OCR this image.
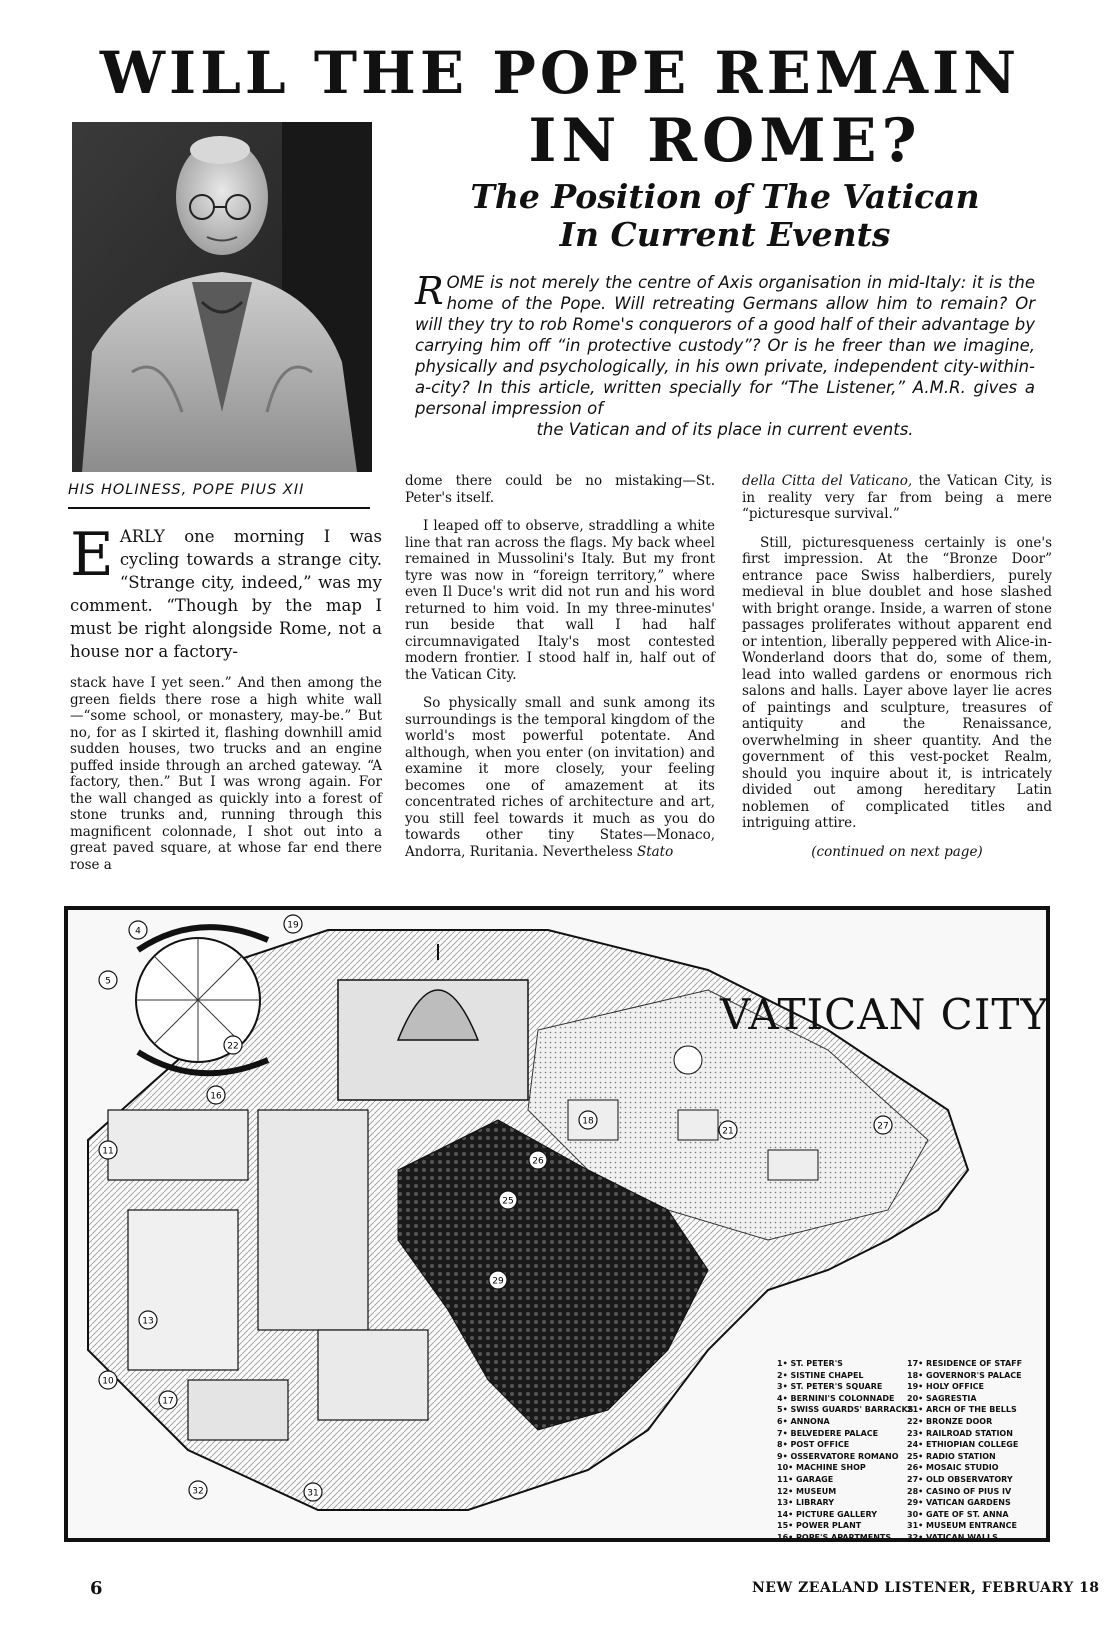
WILL THE POPE REMAIN
IN ROME?
The Position of The Vatican
In Current Events
ROME is not merely the centre of Axis organisation in mid-Italy: it is the home of the Pope. Will retreating Germans allow him to remain? Or will they try to rob Rome's conquerors of a good half of their advantage by carrying him off “in protective custody”? Or is he freer than we imagine, physically and psychologically, in his own private, independent city-within-a-city? In this article, written specially for “The Listener,” A.M.R. gives a personal impression of
the Vatican and of its place in current events.
HIS HOLINESS, POPE PIUS XII

EARLY one morning I was cycling towards a strange city. “Strange city, indeed,” was my comment. “Though by the map I must be right alongside Rome, not a house nor a factory-

stack have I yet seen.” And then among the green fields there rose a high white wall—“some school, or monastery, may-be.” But no, for as I skirted it, flashing downhill amid sudden houses, two trucks and an engine puffed inside through an arched gateway. “A factory, then.” But I was wrong again. For the wall changed as quickly into a forest of stone trunks and, running through this magnificent colonnade, I shot out into a great paved square, at whose far end there rose a

dome there could be no mistaking—St. Peter's itself.

I leaped off to observe, straddling a white line that ran across the flags. My back wheel remained in Mussolini's Italy. But my front tyre was now in “foreign territory,” where even Il Duce's writ did not run and his word returned to him void. In my three-minutes' run beside that wall I had half circumnavigated Italy's most contested modern frontier. I stood half in, half out of the Vatican City.

So physically small and sunk among its surroundings is the temporal kingdom of the world's most powerful potentate. And although, when you enter (on invitation) and examine it more closely, your feeling becomes one of amazement at its concentrated riches of architecture and art, you still feel towards it much as you do towards other tiny States—Monaco, Andorra, Ruritania. Nevertheless Stato

della Citta del Vaticano, the Vatican City, is in reality very far from being a mere “picturesque survival.”

Still, picturesqueness certainly is one's first impression. At the “Bronze Door” entrance pace Swiss halberdiers, purely medieval in blue doublet and hose slashed with bright orange. Inside, a warren of stone passages proliferates without apparent end or intention, liberally peppered with Alice-in-Wonderland doors that do, some of them, lead into walled gardens or enormous rich salons and halls. Layer above layer lie acres of paintings and sculpture, treasures of antiquity and the Renaissance, overwhelming in sheer quantity. And the government of this vest-pocket Realm, should you inquire about it, is intricately divided out among hereditary Latin noblemen of complicated titles and intriguing attire.

(continued on next page)
4
5
19
22
16
11
18
21
26
25
13
10
17
32	31
29
27
VATICAN CITY
1• ST. PETER'S
2• SISTINE CHAPEL
3• ST. PETER'S SQUARE
4• BERNINI'S COLONNADE
5• SWISS GUARDS' BARRACKS
6• ANNONA
7• BELVEDERE PALACE
8• POST OFFICE
9• OSSERVATORE ROMANO
10• MACHINE SHOP
11• GARAGE
12• MUSEUM
13• LIBRARY
14• PICTURE GALLERY
15• POWER PLANT
16• POPE'S APARTMENTS
17• RESIDENCE OF STAFF
18• GOVERNOR'S PALACE
19• HOLY OFFICE
20• SAGRESTIA
21• ARCH OF THE BELLS
22• BRONZE DOOR
23• RAILROAD STATION
24• ETHIOPIAN COLLEGE
25• RADIO STATION
26• MOSAIC STUDIO
27• OLD OBSERVATORY
28• CASINO OF PIUS IV
29• VATICAN GARDENS
30• GATE OF ST. ANNA
31• MUSEUM ENTRANCE
32• VATICAN WALLS
6	NEW ZEALAND LISTENER, FEBRUARY 18
